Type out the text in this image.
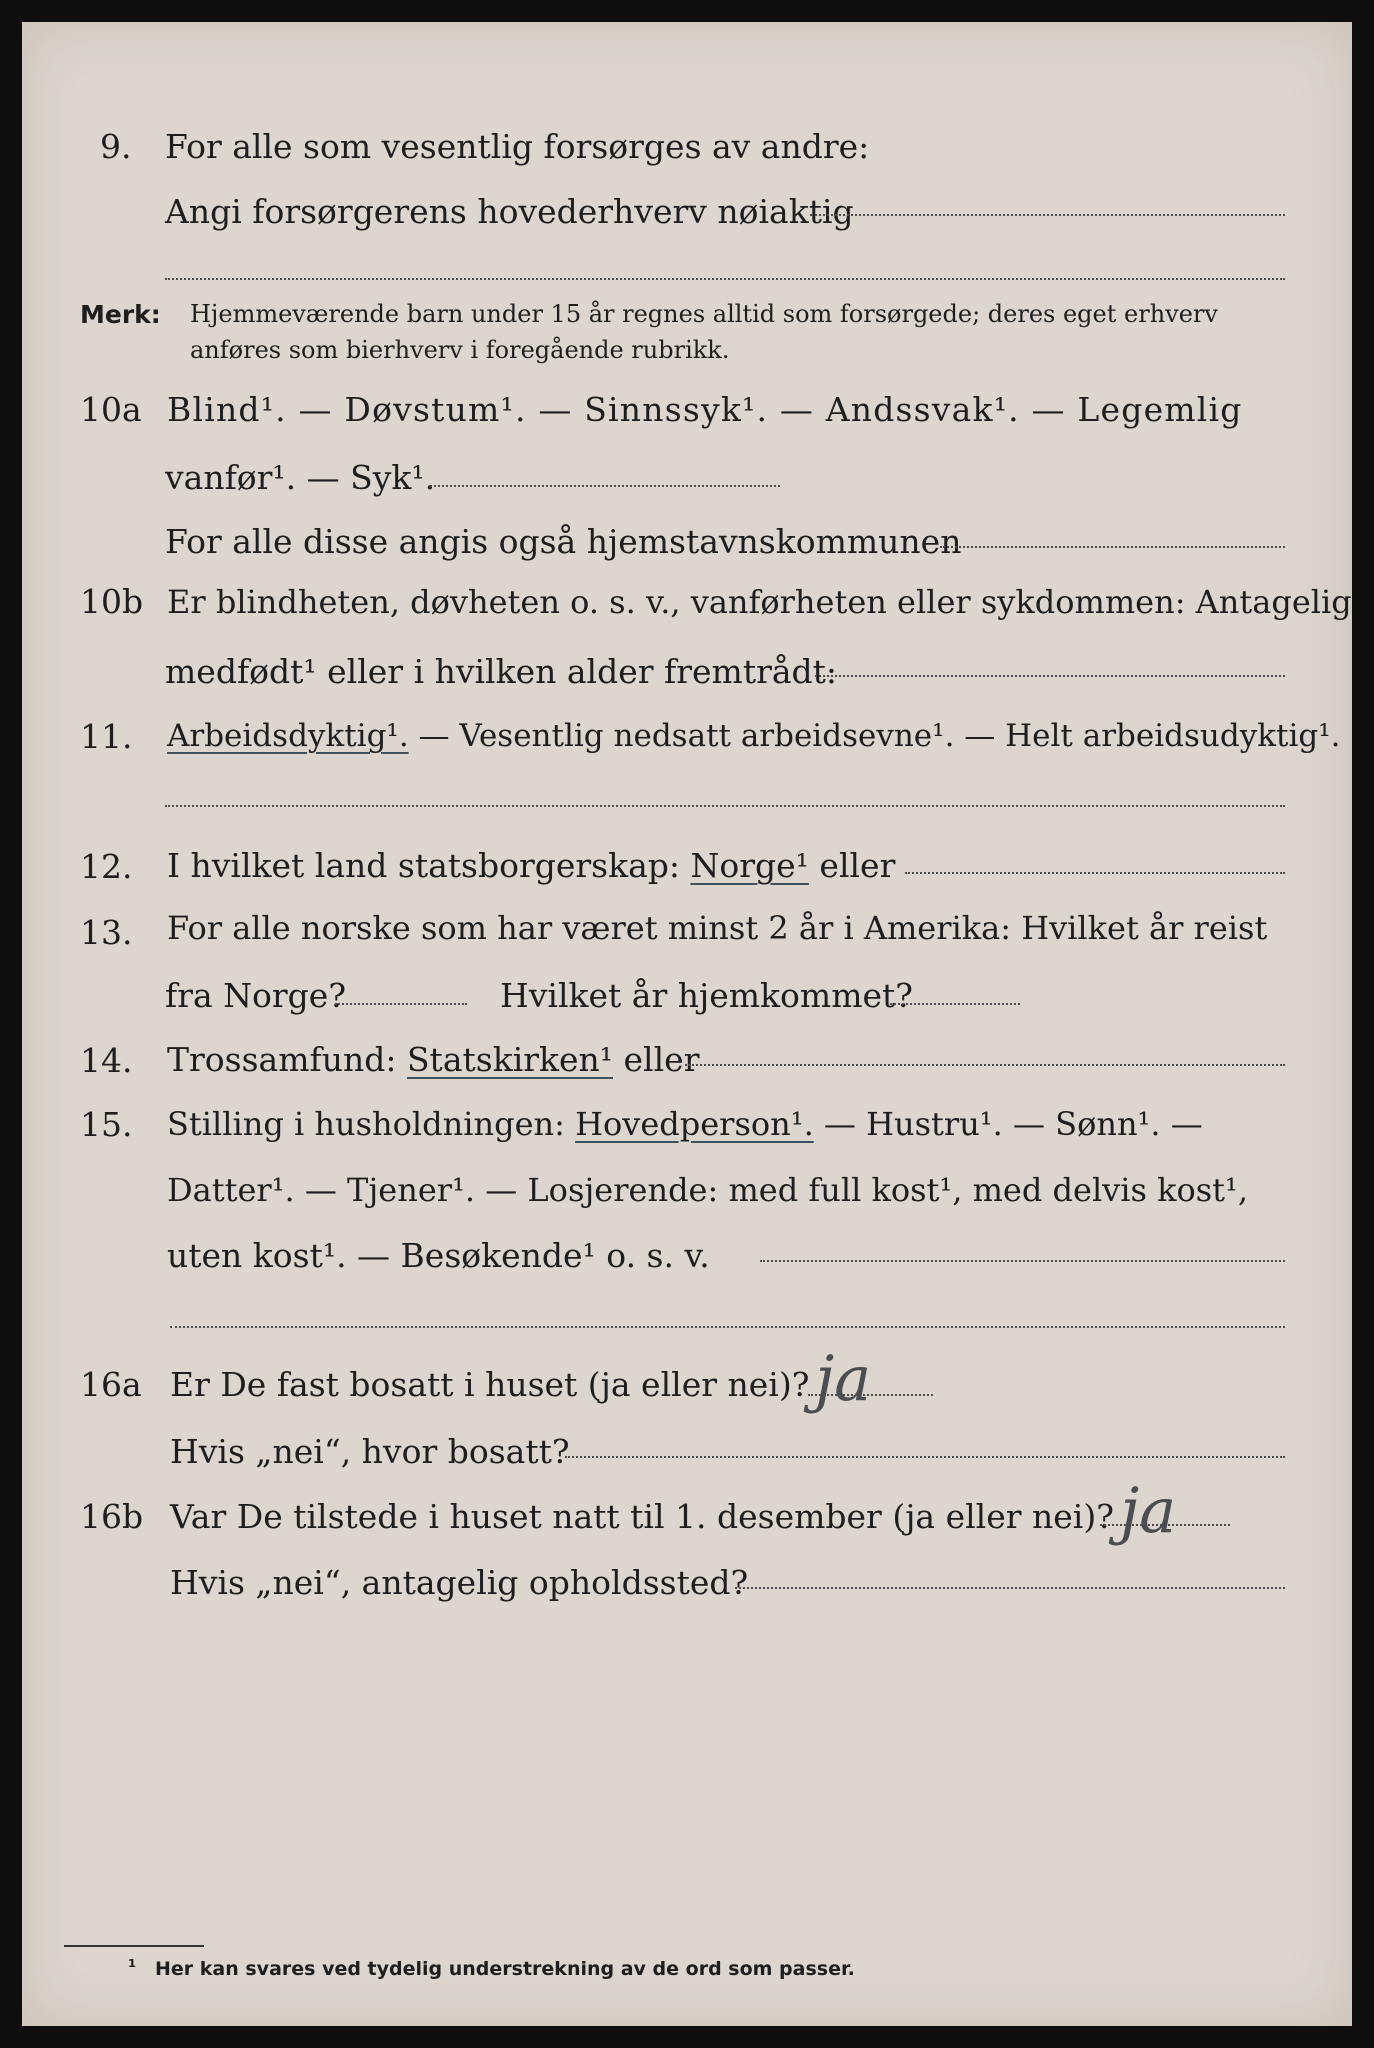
9. For alle som vesentlig forsørges av andre:
Angi forsørgerens hovederhverv nøiaktig
Merk: Hjemmeværende barn under 15 år regnes alltid som forsørgede; deres eget erhverv
anføres som bierhverv i foregående rubrikk.
10a Blind¹. — Døvstum¹. — Sinnssyk¹. — Andssvak¹. — Legemlig
vanfør¹. — Syk¹.
For alle disse angis også hjemstavnskommunen
10b Er blindheten, døvheten o. s. v., vanførheten eller sykdommen: Antagelig
medfødt¹ eller i hvilken alder fremtrådt:
11. Arbeidsdyktig¹. — Vesentlig nedsatt arbeidsevne¹. — Helt arbeidsudyktig¹.
12. I hvilket land statsborgerskap: Norge¹ eller
13. For alle norske som har været minst 2 år i Amerika: Hvilket år reist
fra Norge?	Hvilket år hjemkommet?
14. Trossamfund: Statskirken¹ eller
15. Stilling i husholdningen: Hovedperson¹. — Hustru¹. — Sønn¹. —
Datter¹. — Tjener¹. — Losjerende: med full kost¹, med delvis kost¹,
uten kost¹. — Besøkende¹ o. s. v.
16a Er De fast bosatt i huset (ja eller nei)? ja
Hvis „nei“, hvor bosatt?
16b Var De tilstede i huset natt til 1. desember (ja eller nei)? ja
Hvis „nei“, antagelig opholdssted?
¹ Her kan svares ved tydelig understrekning av de ord som passer.
